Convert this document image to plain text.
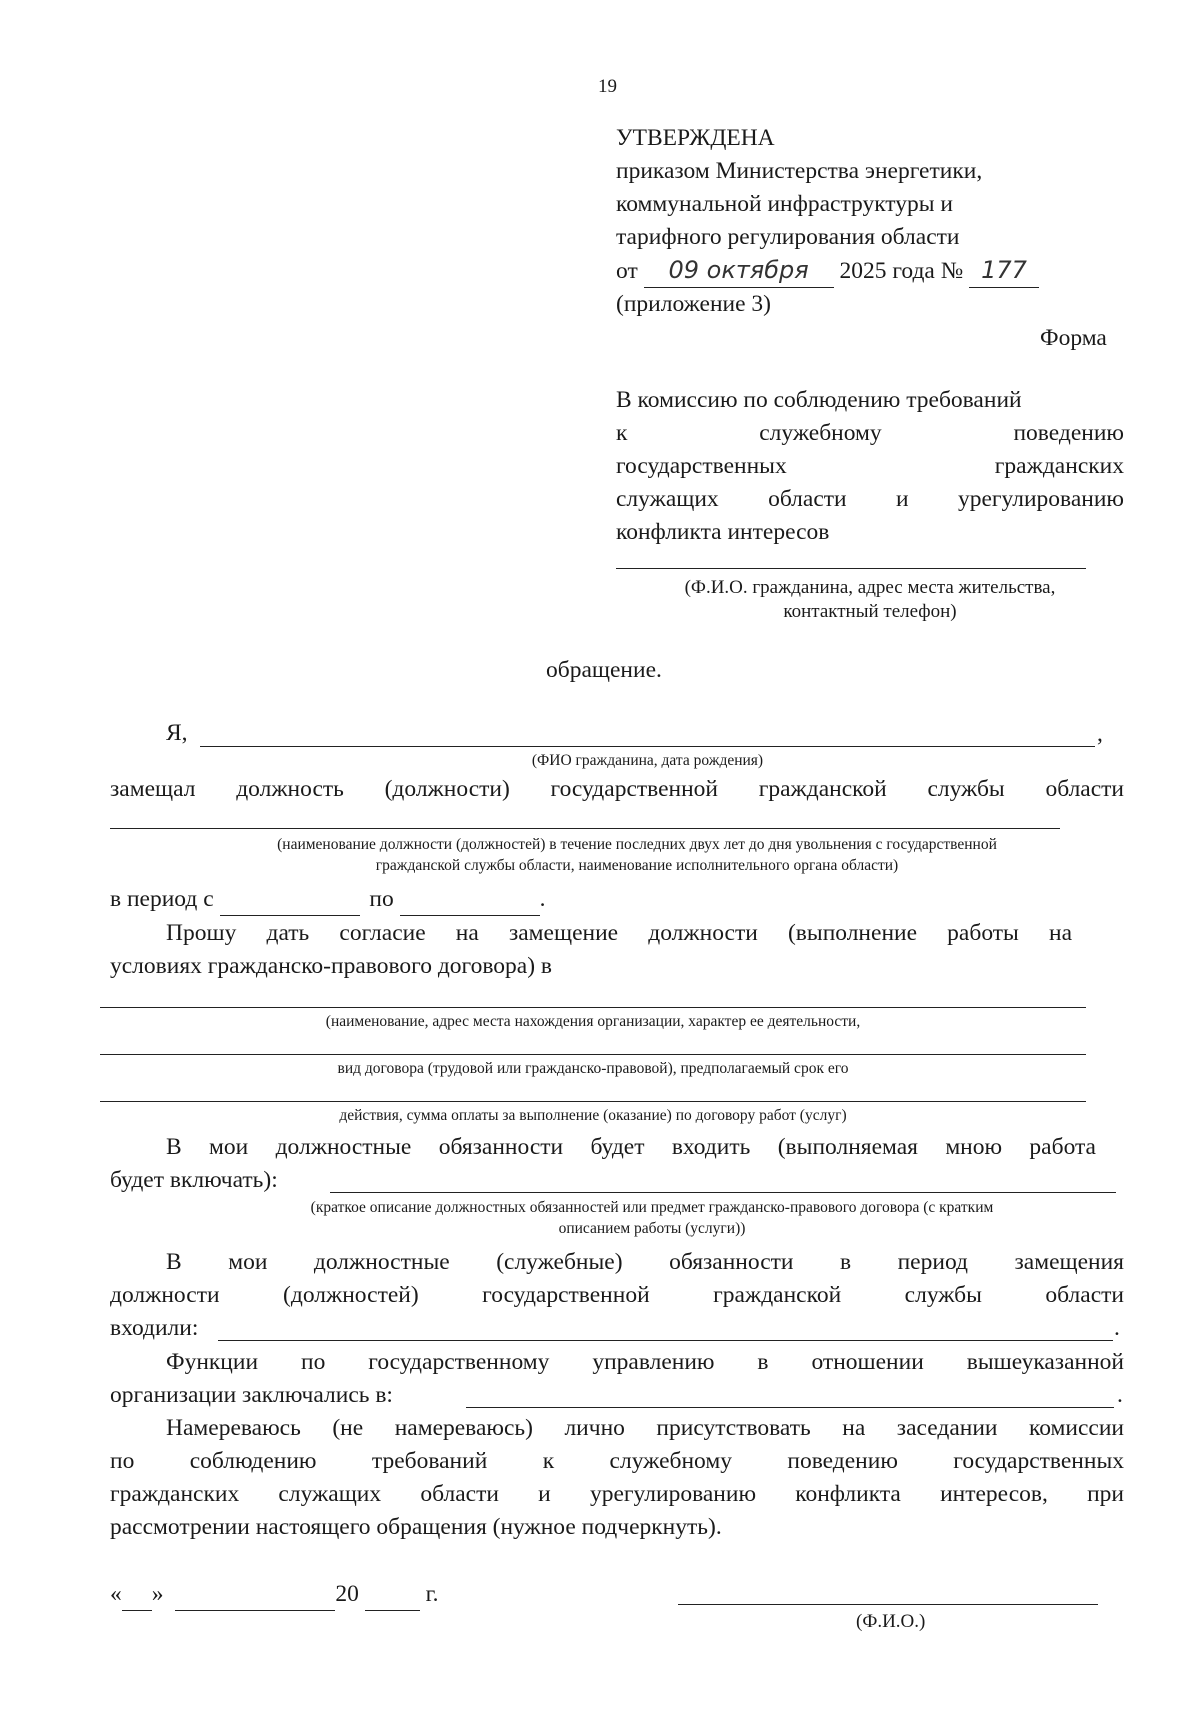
19
УТВЕРЖДЕНА
приказом Министерства энергетики,
коммунальной инфраструктуры и
тарифного регулирования области
от 09 октября 2025 года № 177
(приложение 3)
Форма
В комиссию по соблюдению требований
к	служебному	поведению
государственных	гражданских
служащих области и урегулированию
конфликта интересов
(Ф.И.О. гражданина, адрес места жительства,
контактный телефон)
обращение.
Я,	,
(ФИО гражданина, дата рождения)
замещал должность (должности) государственной гражданской службы области
(наименование должности (должностей) в течение последних двух лет до дня увольнения с государственной
гражданской службы области, наименование исполнительного органа области)
в период с	по	.
Прошу дать согласие на замещение должности (выполнение работы на
условиях гражданско-правового договора) в
(наименование, адрес места нахождения организации, характер ее деятельности,
вид договора (трудовой или гражданско-правовой), предполагаемый срок его
действия, сумма оплаты за выполнение (оказание) по договору работ (услуг)
В мои должностные обязанности будет входить (выполняемая мною работа
будет включать):
(краткое описание должностных обязанностей или предмет гражданско-правового договора (с кратким
описанием работы (услуги))
В мои должностные (служебные) обязанности в период замещения
должности (должностей) государственной гражданской службы области
входили:	.
Функции по государственному управлению в отношении вышеуказанной
организации заключались в:	.
Намереваюсь (не намереваюсь) лично присутствовать на заседании комиссии
по соблюдению требований к служебному поведению государственных
гражданских служащих области и урегулированию конфликта интересов, при
рассмотрении настоящего обращения (нужное подчеркнуть).
« »	20	г.
(Ф.И.О.)
